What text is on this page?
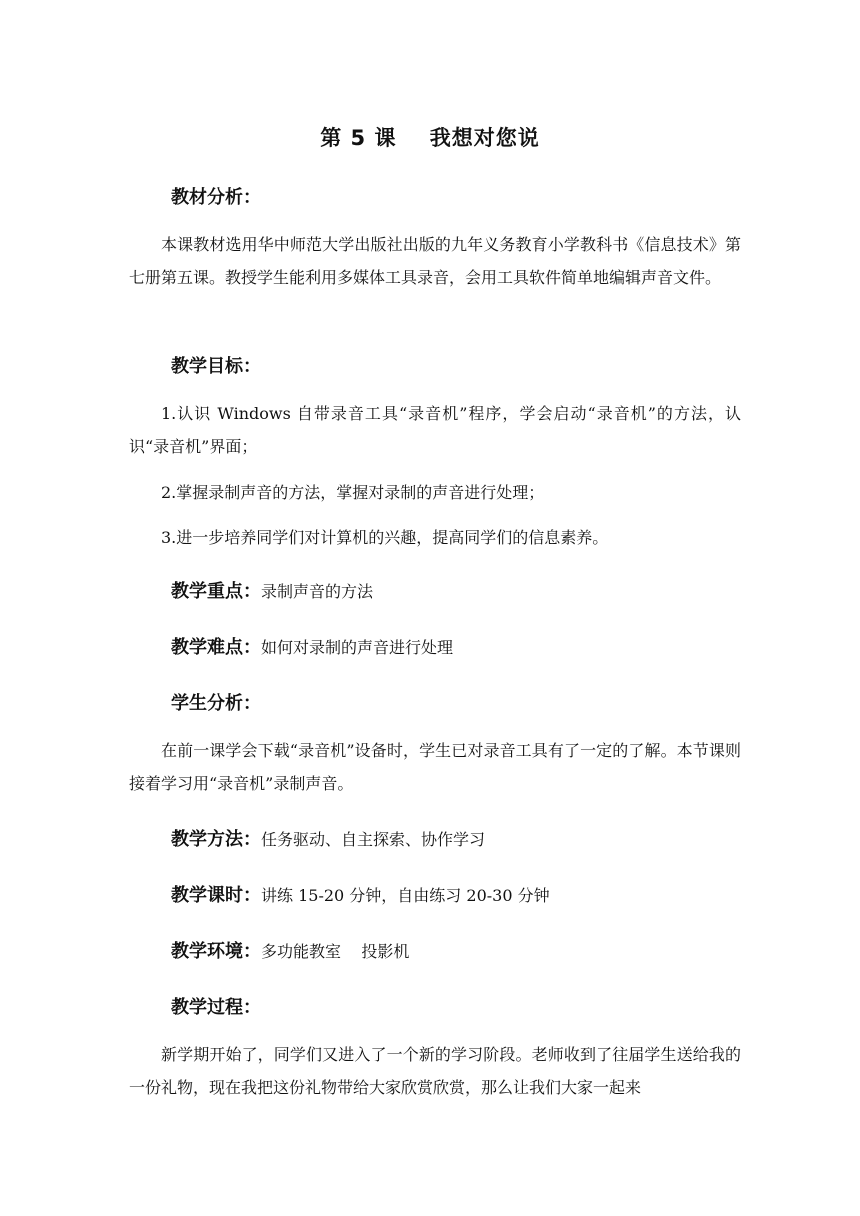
第 5 课    我想对您说
教材分析：
本课教材选用华中师范大学出版社出版的九年义务教育小学教科书《信息技术》第七册第五课。教授学生能利用多媒体工具录音，会用工具软件简单地编辑声音文件。
教学目标：
1.认识 Windows 自带录音工具“录音机”程序，学会启动“录音机”的方法，认识“录音机”界面；
2.掌握录制声音的方法，掌握对录制的声音进行处理；
3.进一步培养同学们对计算机的兴趣，提高同学们的信息素养。
教学重点：录制声音的方法
教学难点：如何对录制的声音进行处理
学生分析：
在前一课学会下载“录音机”设备时，学生已对录音工具有了一定的了解。本节课则接着学习用“录音机”录制声音。
教学方法：任务驱动、自主探索、协作学习
教学课时：讲练 15-20 分钟，自由练习 20-30 分钟
教学环境：多功能教室    投影机
教学过程：
新学期开始了，同学们又进入了一个新的学习阶段。老师收到了往届学生送给我的一份礼物，现在我把这份礼物带给大家欣赏欣赏，那么让我们大家一起来
